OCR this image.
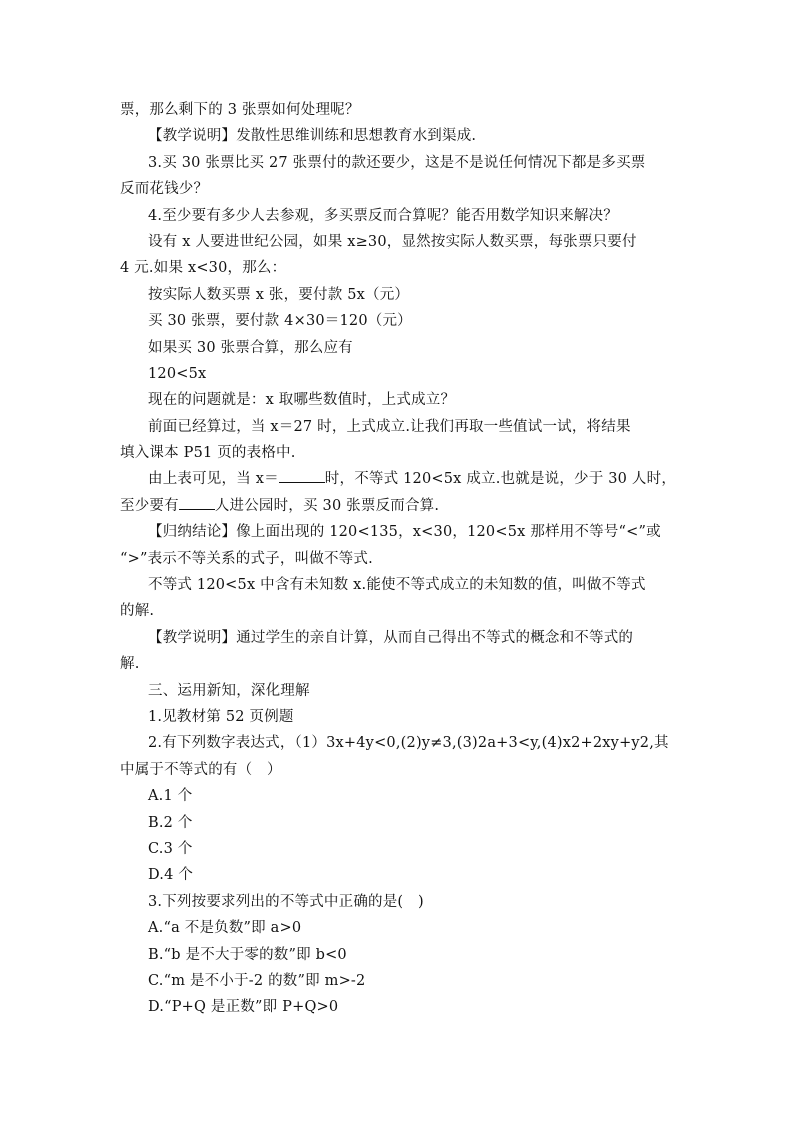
票，那么剩下的 3 张票如何处理呢？
【教学说明】发散性思维训练和思想教育水到渠成.
3.买 30 张票比买 27 张票付的款还要少，这是不是说任何情况下都是多买票
反而花钱少？
4.至少要有多少人去参观，多买票反而合算呢？能否用数学知识来解决？
设有 x 人要进世纪公园，如果 x≥30，显然按实际人数买票，每张票只要付
4 元.如果 x<30，那么：
按实际人数买票 x 张，要付款 5x（元）
买 30 张票，要付款 4×30＝120（元）
如果买 30 张票合算，那么应有
120<5x
现在的问题就是：x 取哪些数值时，上式成立？
前面已经算过，当 x＝27 时，上式成立.让我们再取一些值试一试，将结果
填入课本 P51 页的表格中.
由上表可见，当 x＝	时，不等式 120<5x 成立.也就是说，少于 30 人时，
至少要有 人进公园时，买 30 张票反而合算.
【归纳结论】像上面出现的 120<135，x<30，120<5x 那样用不等号“<”或
“>”表示不等关系的式子，叫做不等式.
不等式 120<5x 中含有未知数 x.能使不等式成立的未知数的值，叫做不等式
的解.
【教学说明】通过学生的亲自计算，从而自己得出不等式的概念和不等式的
解.
三、运用新知，深化理解
1.见教材第 52 页例题
2.有下列数字表达式，（1）3x+4y<0,(2)y≠3,(3)2a+3<y,(4)x2+2xy+y2,其
中属于不等式的有（　）
A.1 个
B.2 个
C.3 个
D.4 个
3.下列按要求列出的不等式中正确的是(　)
A.“a 不是负数”即 a>0
B.“b 是不大于零的数”即 b<0
C.“m 是不小于-2 的数”即 m>-2
D.“P+Q 是正数”即 P+Q>0
